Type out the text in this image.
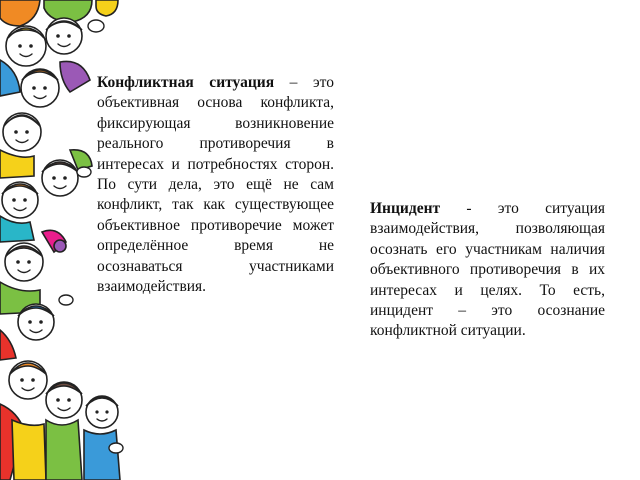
Конфликтная ситуация – это объективная основа конфликта, фиксирующая возникновение реального противоречия в интересах и потребностях сторон. По сути дела, это ещё не сам конфликт, так как существующее объективное противоречие может определённое время не осознаваться участниками взаимодействия.
Инцидент - это ситуация взаимодействия, позволяющая осознать его участникам наличия объективного противоречия в их интересах и целях. То есть, инцидент – это осознание конфликтной ситуации.
